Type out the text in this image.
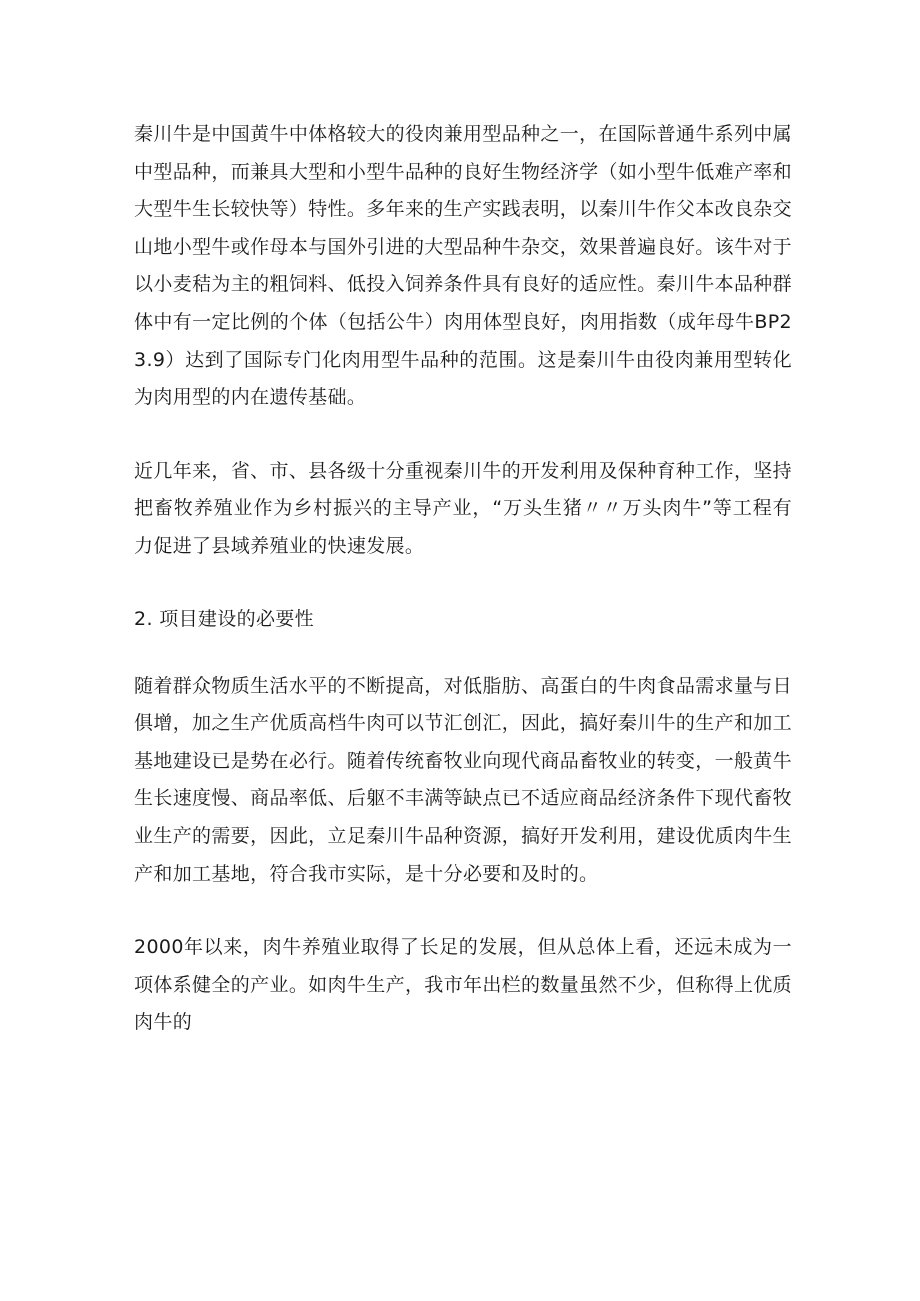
秦川牛是中国黄牛中体格较大的役肉兼用型品种之一，在国际普通牛系列中属中型品种，而兼具大型和小型牛品种的良好生物经济学（如小型牛低难产率和大型牛生长较快等）特性。多年来的生产实践表明，以秦川牛作父本改良杂交山地小型牛或作母本与国外引进的大型品种牛杂交，效果普遍良好。该牛对于以小麦秸为主的粗饲料、低投入饲养条件具有良好的适应性。秦川牛本品种群体中有一定比例的个体（包括公牛）肉用体型良好，肉用指数（成年母牛BP23.9）达到了国际专门化肉用型牛品种的范围。这是秦川牛由役肉兼用型转化为肉用型的内在遗传基础。

近几年来，省、市、县各级十分重视秦川牛的开发利用及保种育种工作，坚持把畜牧养殖业作为乡村振兴的主导产业，“万头生猪〃〃万头肉牛”等工程有力促进了县域养殖业的快速发展。

2. 项目建设的必要性

随着群众物质生活水平的不断提高，对低脂肪、高蛋白的牛肉食品需求量与日俱增，加之生产优质高档牛肉可以节汇创汇，因此，搞好秦川牛的生产和加工基地建设已是势在必行。随着传统畜牧业向现代商品畜牧业的转变，一般黄牛生长速度慢、商品率低、后躯不丰满等缺点已不适应商品经济条件下现代畜牧业生产的需要，因此，立足秦川牛品种资源，搞好开发利用，建设优质肉牛生产和加工基地，符合我市实际，是十分必要和及时的。

2000年以来，肉牛养殖业取得了长足的发展，但从总体上看，还远未成为一项体系健全的产业。如肉牛生产，我市年出栏的数量虽然不少，但称得上优质肉牛的
